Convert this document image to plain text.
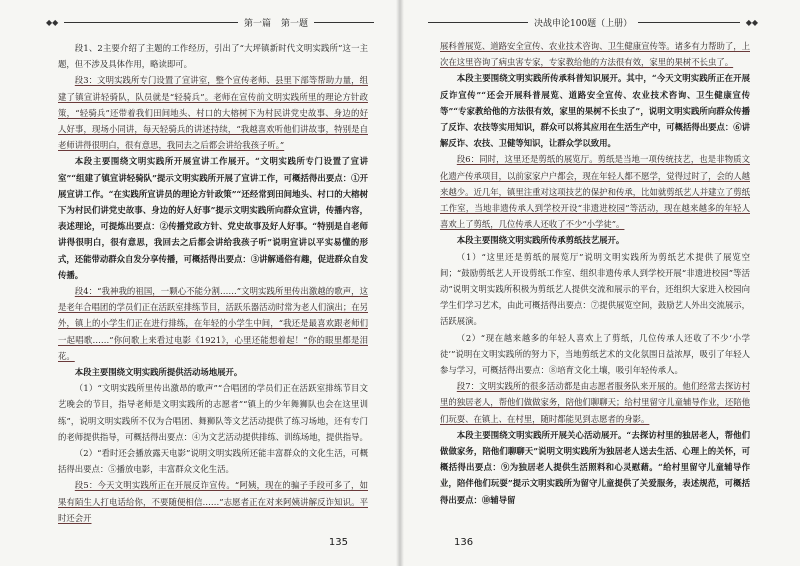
◆◆	第一篇 第一题

段1、2主要介绍了主题的工作经历，引出了“大坪镇新时代文明实践所”这一主题，但不涉及具体作用，略读即可。

段3：文明实践所专门设置了宣讲室，整个宣传老师、县里下部等帮助力量，组建了镇宣讲轻骑队，队员就是“轻骑兵”。老师在宣传前文明实践所里的理论方针政策，“轻骑兵”还带着我们田间地头、村口的大榕树下为村民讲党史故事、身边的好人好事，现场小同讲，每天轻骑兵的讲述持续，“我越喜欢听他们讲故事，特别是自老师讲得很明白，很有意思，我同去之后都会讲给我孩子听。”

本段主要围绕文明实践所开展宣讲工作展开。“文明实践所专门设置了宣讲室”“组建了镇宣讲轻骑队”提示文明实践所开展了宣讲工作，可概括得出要点：①开展宣讲工作。“在实践所宣讲员的理论方针政策”“还经常到田间地头、村口的大榕树下为村民们讲党史故事、身边的好人好事”提示文明实践所向群众宣讲，传播内容，表述理论，可提炼出要点：②传播党政方针、党史故事及好人好事。“特别是自老师讲得很明白，很有意思，我回去之后都会讲给我孩子听”说明宣讲以平实易懂的形式，还能带动群众自发分享传播，可概括得出要点：③讲解通俗有趣，促进群众自发传播。

段4：“我神我的祖国，一颗心不能分割……”文明实践所里传出激越的歌声，这是老年合唱团的学员们正在活跃室排练节目，活跃乐器活动时常为老人们演出；在另外，镇上的小学生们正在进行排练，在年轻的小学生中间，“我还是最喜欢跟老师们一起唱歌……”你问歌上来看过电影《1921》，心里还能想着起！”你的眼里都是泪花。

本段主要围绕文明实践所提供活动场地展开。

（1）“文明实践所里传出激昂的歌声”“合唱团的学员们正在活跃室排练节目文艺晚会的节目，指导老师是文明实践所的志愿者”“镇上的少年舞狮队也会在这里训练”，说明文明实践所不仅为合唱团、舞狮队等文艺活动提供了练习场地，还有专门的老师提供指导，可概括得出要点：④为文艺活动提供排练、训练场地，提供指导。

（2）“看时还会播放露天电影”说明文明实践所还能丰富群众的文化生活，可概括得出要点：⑤播放电影，丰富群众文化生活。

段5：今天文明实践所正在开展反诈宣传。“阿姨，现在的骗子手段可多了，如果有陌生人打电话给你，不要随便相信……”志愿者正在对来阿姨讲解反诈知识。平时还会开

135
决战申论100题（上册）	◆◆

展科普展览、道路安全宣传、农业技术咨询、卫生健康宣传等。诸多有力帮助了，上次在这里咨询了病虫害专家，专家教给他的方法很有效，家里的果树不长虫了。

本段主要围绕文明实践所传承科普知识展开。其中，“今天文明实践所正在开展反诈宣传”“还会开展科普展览、道路安全宣传、农业技术咨询、卫生健康宣传等”“专家教给他的方法很有效，家里的果树不长虫了”，说明文明实践所向群众传播了反诈、农技等实用知识，群众可以将其应用在生活生产中，可概括得出要点：⑥讲解反诈、农技、卫健等知识，让群众学以致用。

段6：同时，这里还是剪纸的展览厅。剪纸是当地一项传统技艺，也是非物质文化遗产传承项目，以前家家户户都会，现在年轻人都不愿学，觉得过时了，会的人越来越少。近几年，镇里注重对这项技艺的保护和传承，比如就剪纸艺人并建立了剪纸工作室，当地非遗传承人到学校开设“非遗进校园”等活动，现在越来越多的年轻人喜欢上了剪纸，几位传承人还收了不少“小学徒”。

本段主要围绕文明实践所传承剪纸技艺展开。

（1）“这里还是剪纸的展览厅”说明文明实践所为剪纸艺术提供了展览空间；“鼓励剪纸艺人开设剪纸工作室、组织非遗传承人到学校开展“非遗进校园”等活动”说明文明实践所积极为剪纸艺人提供交流和展示的平台，还组织大家进入校园向学生们学习艺术，由此可概括得出要点：⑦提供展览空间，鼓励艺人外出交流展示，活跃展演。

（2）“现在越来越多的年轻人喜欢上了剪纸，几位传承人还收了不少‘小学徒’”说明在文明实践所的努力下，当地剪纸艺术的文化氛围日益浓厚，吸引了年轻人参与学习，可概括得出要点：⑧培育文化土壤，吸引年轻传承人。

段7：文明实践所的很多活动都是由志愿者服务队来开展的。他们经常去探访村里的独居老人，帮他们做做家务，陪他们聊聊天；给村里留守儿童辅导作业，还陪他们玩耍、在镇上、在村里，随时都能见到志愿者的身影。

本段主要围绕文明实践所开展关心活动展开。“去探访村里的独居老人，帮他们做做家务，陪他们聊聊天”说明文明实践所为独居老人送去生活、心理上的关怀，可概括得出要点：⑨为独居老人提供生活照料和心灵慰藉。“给村里留守儿童辅导作业，陪伴他们玩耍”提示文明实践所为留守儿童提供了关爱服务，表述规范，可概括得出要点：⑩辅导留

136
